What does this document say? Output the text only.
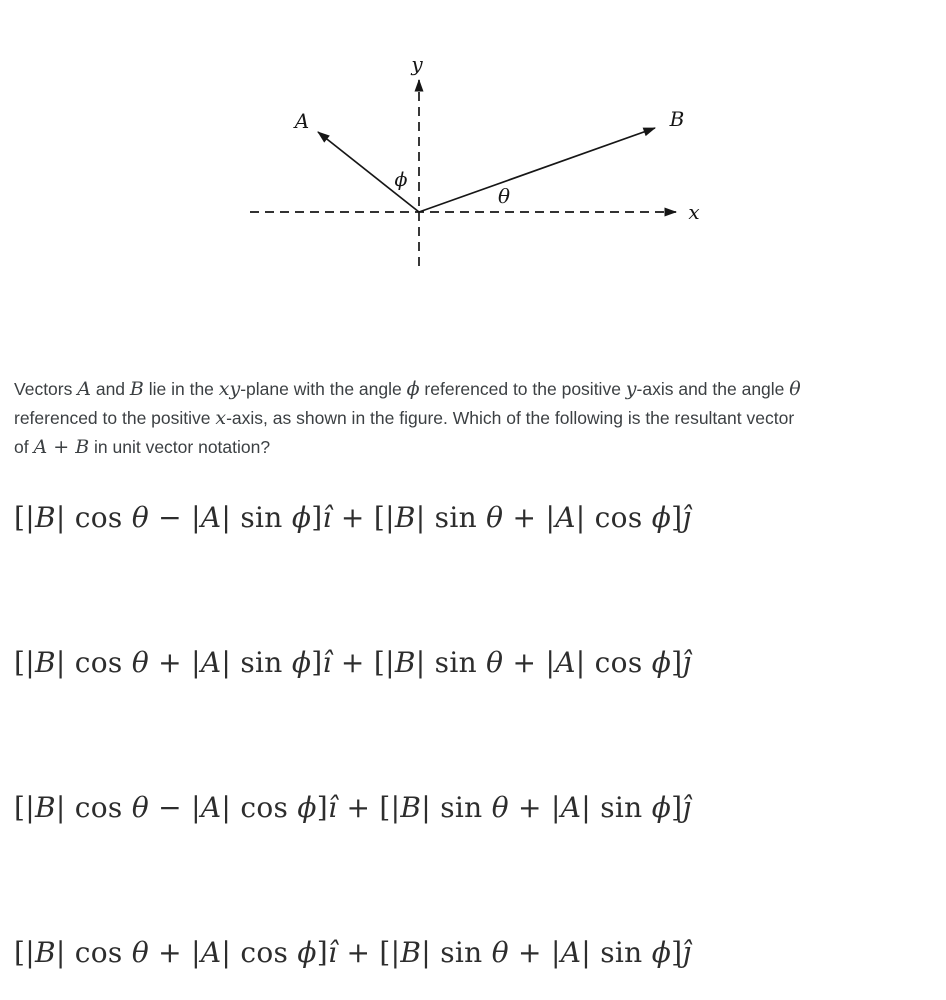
y
x
A	B
ϕ
θ

Vectors A and B lie in the xy-plane with the angle ϕ referenced to the positive y-axis and the angle θ

referenced to the positive x-axis, as shown in the figure. Which of the following is the resultant vector

of A + B in unit vector notation?

[|B| cos θ − |A| sin ϕ]î + [|B| sin θ + |A| cos ϕ]ĵ
[|B| cos θ + |A| sin ϕ]î + [|B| sin θ + |A| cos ϕ]ĵ
[|B| cos θ − |A| cos ϕ]î + [|B| sin θ + |A| sin ϕ]ĵ
[|B| cos θ + |A| cos ϕ]î + [|B| sin θ + |A| sin ϕ]ĵ
